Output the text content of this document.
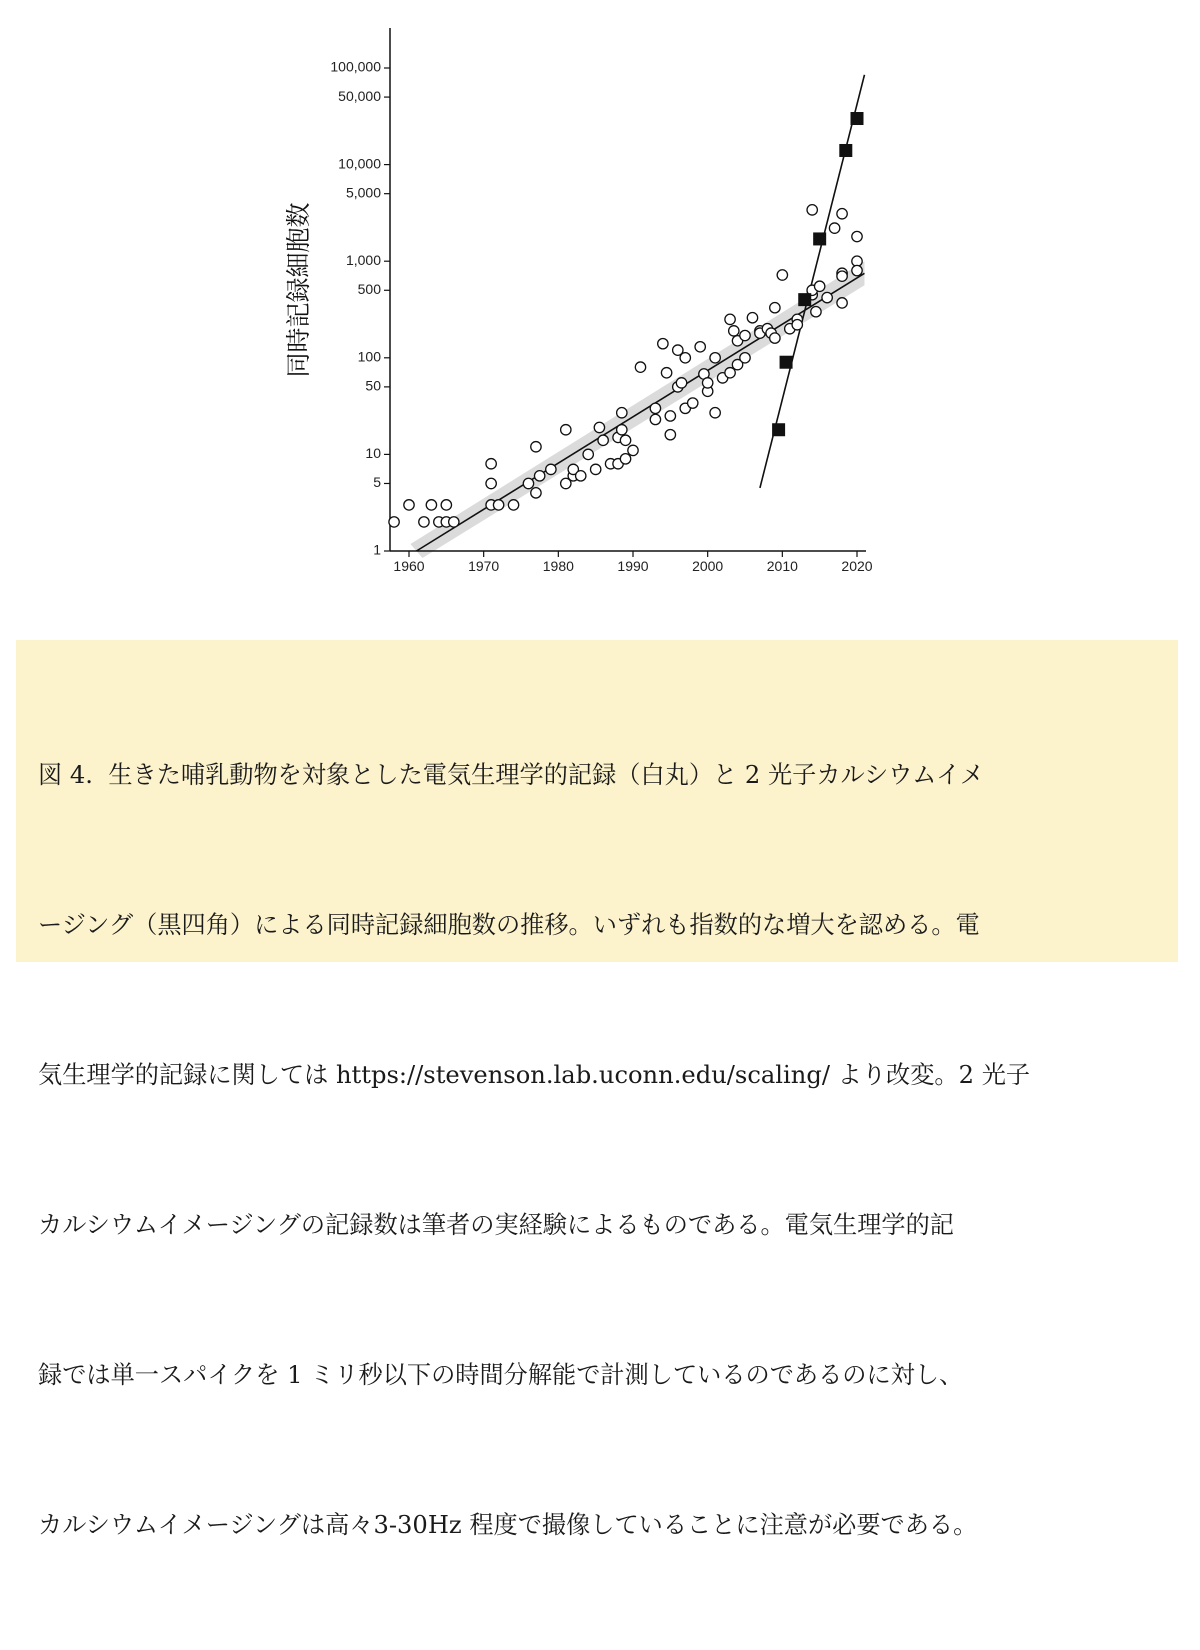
1
5
10
50
100
500
1,000
5,000
10,000
50,000
100,000
1960	1970	1980	1990	2000	2010	2020
同時記録細胞数

図 4.  生きた哺乳動物を対象とした電気生理学的記録（白丸）と 2 光子カルシウムイメ

ージング（黒四角）による同時記録細胞数の推移。いずれも指数的な増大を認める。電

気生理学的記録に関しては https://stevenson.lab.uconn.edu/scaling/ より改変。2 光子

カルシウムイメージングの記録数は筆者の実経験によるものである。電気生理学的記

録では単一スパイクを 1 ミリ秒以下の時間分解能で計測しているのであるのに対し、

カルシウムイメージングは高々3-30Hz 程度で撮像していることに注意が必要である。
